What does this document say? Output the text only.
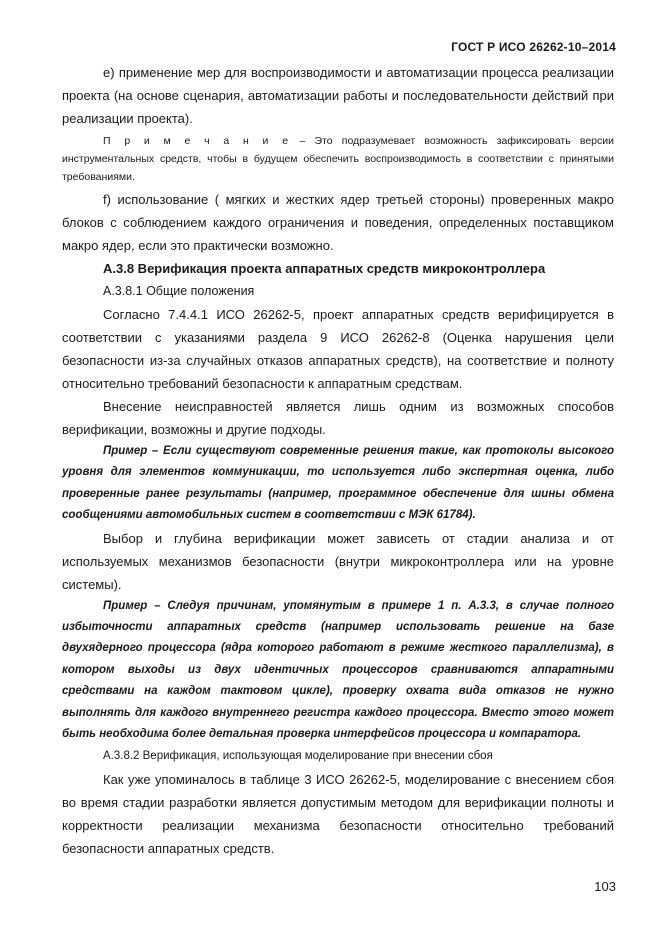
ГОСТ Р ИСО 26262-10–2014

е) применение мер для воспроизводимости и автоматизации процесса реализации проекта (на основе сценария, автоматизации работы и последовательности действий при реализации проекта).

П р и м е ч а н и е – Это подразумевает возможность зафиксировать версии инструментальных средств, чтобы в будущем обеспечить воспроизводимость в соответствии с принятыми требованиями.

f) использование ( мягких и жестких ядер третьей стороны) проверенных макро блоков с соблюдением каждого ограничения и поведения, определенных поставщиком макро ядер, если это практически возможно.

А.3.8 Верификация проекта аппаратных средств микроконтроллера

А.3.8.1 Общие положения

Согласно 7.4.4.1 ИСО 26262-5, проект аппаратных средств верифицируется в соответствии с указаниями раздела 9 ИСО 26262-8 (Оценка нарушения цели безопасности из-за случайных отказов аппаратных средств), на соответствие и полноту относительно требований безопасности к аппаратным средствам.

Внесение неисправностей является лишь одним из возможных способов верификации, возможны и другие подходы.

Пример – Если существуют современные решения такие, как протоколы высокого уровня для элементов коммуникации, то используется либо экспертная оценка, либо проверенные ранее результаты (например, программное обеспечение для шины обмена сообщениями автомобильных систем в соответствии с МЭК 61784).

Выбор и глубина верификации может зависеть от стадии анализа и от используемых механизмов безопасности (внутри микроконтроллера или на уровне системы).

Пример – Следуя причинам, упомянутым в примере 1 п. А.3.3, в случае полного избыточности аппаратных средств (например использовать решение на базе двухядерного процессора (ядра которого работают в режиме жесткого параллелизма), в котором выходы из двух идентичных процессоров сравниваются аппаратными средствами на каждом тактовом цикле), проверку охвата вида отказов не нужно выполнять для каждого внутреннего регистра каждого процессора. Вместо этого может быть необходима более детальная проверка интерфейсов процессора и компаратора.

А.3.8.2 Верификация, использующая моделирование при внесении сбоя

Как уже упоминалось в таблице 3 ИСО 26262-5, моделирование с внесением сбоя во время стадии разработки является допустимым методом для верификации полноты и корректности реализации механизма безопасности относительно требований безопасности аппаратных средств.

103
